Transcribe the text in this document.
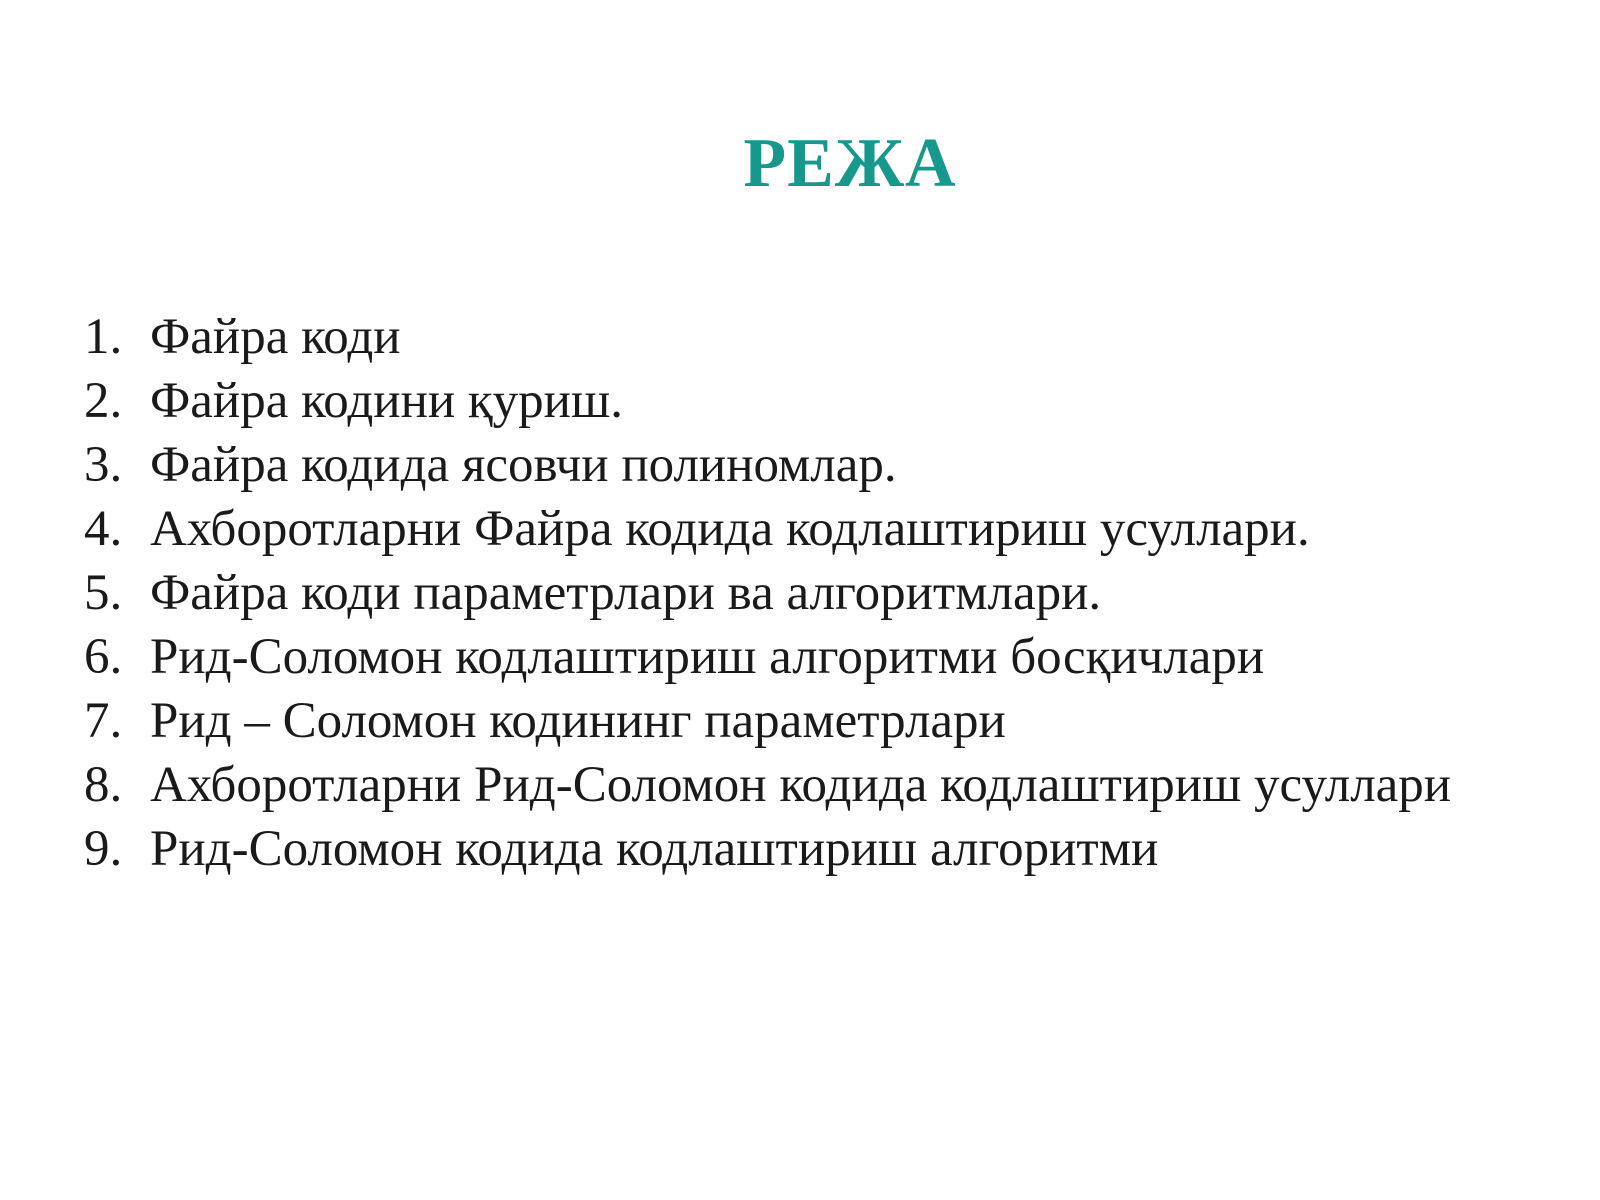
РЕЖА
1. Файра коди
2. Файра кодини қуриш.
3. Файра кодида ясовчи полиномлар.
4. Ахборотларни Файра кодида кодлаштириш усуллари.
5. Файра коди параметрлари ва алгоритмлари.
6. Рид-Соломон кодлаштириш алгоритми босқичлари
7. Рид – Соломон кодининг параметрлари
8. Ахборотларни Рид-Соломон кодида кодлаштириш усуллари
9. Рид-Соломон кодида кодлаштириш алгоритми
